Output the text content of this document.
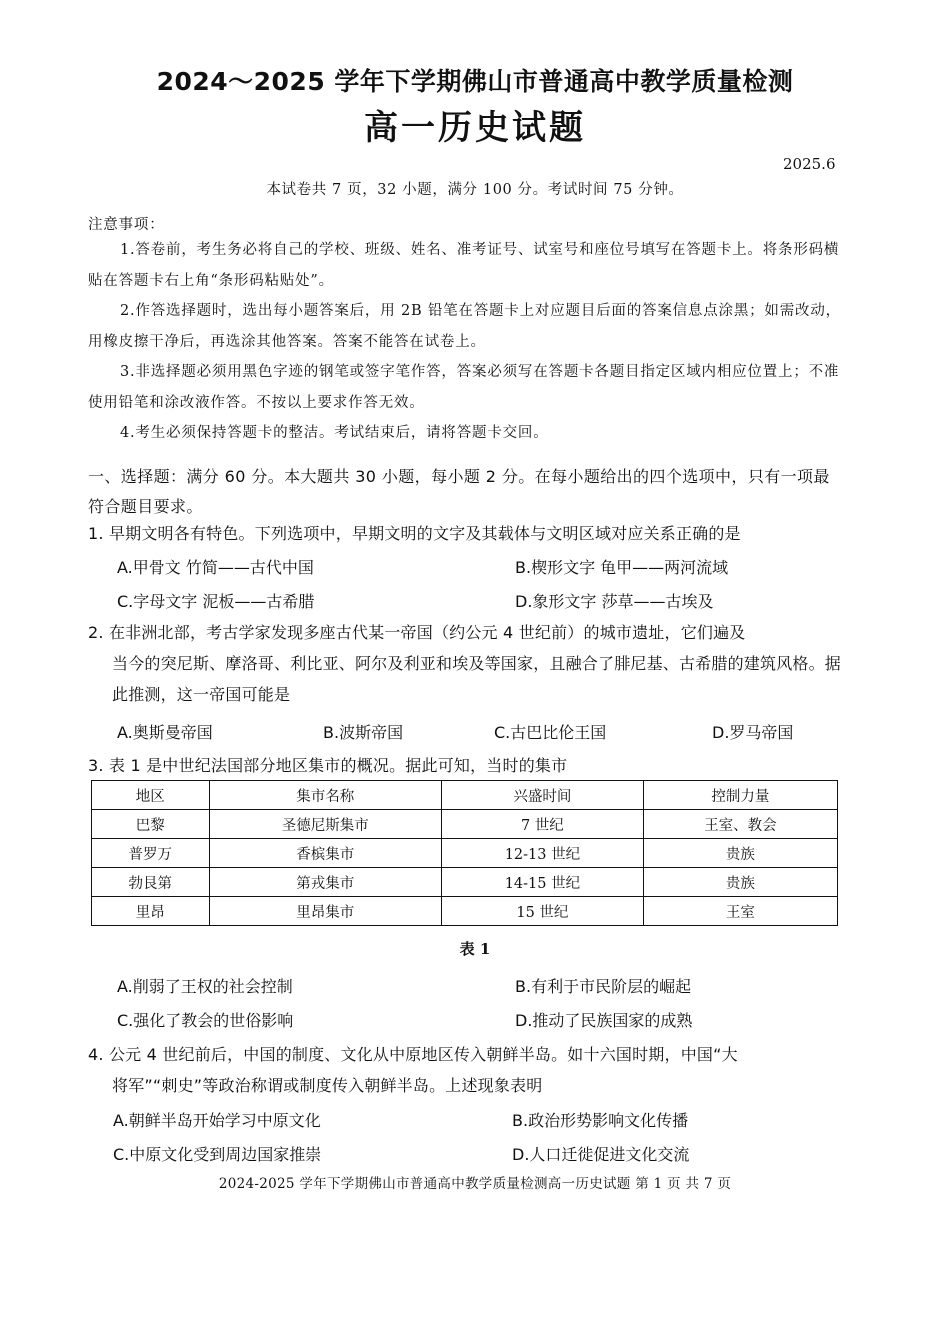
2024～2025 学年下学期佛山市普通高中教学质量检测
高一历史试题
2025.6
本试卷共 7 页，32 小题，满分 100 分。考试时间 75 分钟。
注意事项：
1.答卷前，考生务必将自己的学校、班级、姓名、准考证号、试室号和座位号填写在答题卡上。将条形码横贴在答题卡右上角“条形码粘贴处”。
2.作答选择题时，选出每小题答案后，用 2B 铅笔在答题卡上对应题目后面的答案信息点涂黑；如需改动，用橡皮擦干净后，再选涂其他答案。答案不能答在试卷上。
3.非选择题必须用黑色字迹的钢笔或签字笔作答，答案必须写在答题卡各题目指定区域内相应位置上；不准使用铅笔和涂改液作答。不按以上要求作答无效。
4.考生必须保持答题卡的整洁。考试结束后，请将答题卡交回。
一、选择题：满分 60 分。本大题共 30 小题，每小题 2 分。在每小题给出的四个选项中，只有一项最符合题目要求。
1. 早期文明各有特色。下列选项中，早期文明的文字及其载体与文明区域对应关系正确的是
A.甲骨文 竹简——古代中国	B.楔形文字 龟甲——两河流域
C.字母文字 泥板——古希腊	D.象形文字 莎草——古埃及
2. 在非洲北部，考古学家发现多座古代某一帝国（约公元 4 世纪前）的城市遗址，它们遍及
当今的突尼斯、摩洛哥、利比亚、阿尔及利亚和埃及等国家，且融合了腓尼基、古希腊的建筑风格。据此推测，这一帝国可能是
A.奥斯曼帝国	B.波斯帝国	C.古巴比伦王国	D.罗马帝国
3. 表 1 是中世纪法国部分地区集市的概况。据此可知，当时的集市
地区	集市名称	兴盛时间	控制力量
巴黎	圣德尼斯集市	7 世纪	王室、教会
普罗万	香槟集市	12-13 世纪	贵族
勃艮第	第戎集市	14-15 世纪	贵族
里昂	里昂集市	15 世纪	王室
表 1
A.削弱了王权的社会控制	B.有利于市民阶层的崛起
C.强化了教会的世俗影响	D.推动了民族国家的成熟
4. 公元 4 世纪前后，中国的制度、文化从中原地区传入朝鲜半岛。如十六国时期，中国“大
将军”“刺史”等政治称谓或制度传入朝鲜半岛。上述现象表明
A.朝鲜半岛开始学习中原文化	B.政治形势影响文化传播
C.中原文化受到周边国家推崇	D.人口迁徙促进文化交流
2024-2025 学年下学期佛山市普通高中教学质量检测高一历史试题 第 1 页 共 7 页
